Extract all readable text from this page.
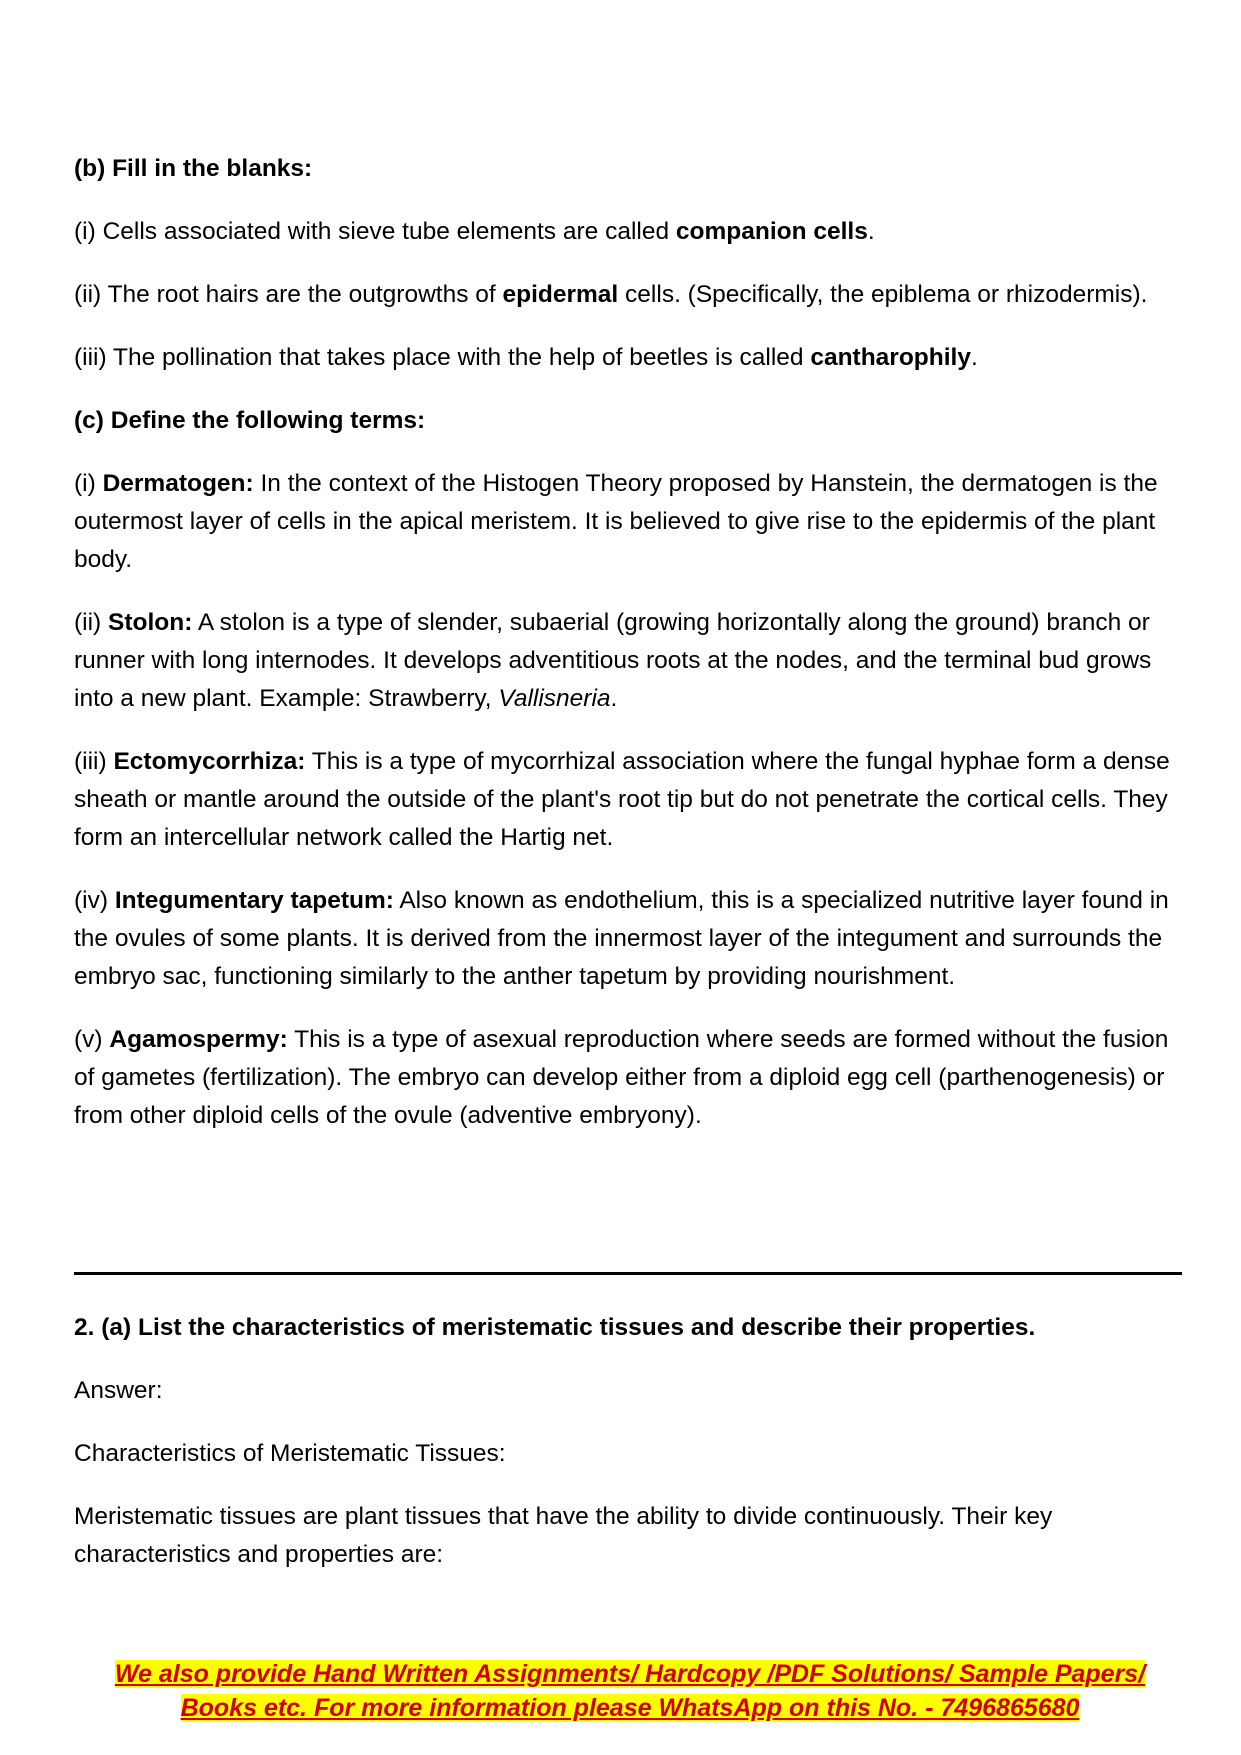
(b) Fill in the blanks:

(i) Cells associated with sieve tube elements are called companion cells.

(ii) The root hairs are the outgrowths of epidermal cells. (Specifically, the epiblema or rhizodermis).

(iii) The pollination that takes place with the help of beetles is called cantharophily.

(c) Define the following terms:

(i) Dermatogen: In the context of the Histogen Theory proposed by Hanstein, the dermatogen is the outermost layer of cells in the apical meristem. It is believed to give rise to the epidermis of the plant body.

(ii) Stolon: A stolon is a type of slender, subaerial (growing horizontally along the ground) branch or runner with long internodes. It develops adventitious roots at the nodes, and the terminal bud grows into a new plant. Example: Strawberry, Vallisneria.

(iii) Ectomycorrhiza: This is a type of mycorrhizal association where the fungal hyphae form a dense sheath or mantle around the outside of the plant's root tip but do not penetrate the cortical cells. They form an intercellular network called the Hartig net.

(iv) Integumentary tapetum: Also known as endothelium, this is a specialized nutritive layer found in the ovules of some plants. It is derived from the innermost layer of the integument and surrounds the embryo sac, functioning similarly to the anther tapetum by providing nourishment.

(v) Agamospermy: This is a type of asexual reproduction where seeds are formed without the fusion of gametes (fertilization). The embryo can develop either from a diploid egg cell (parthenogenesis) or from other diploid cells of the ovule (adventive embryony).

2. (a) List the characteristics of meristematic tissues and describe their properties.

Answer:

Characteristics of Meristematic Tissues:

Meristematic tissues are plant tissues that have the ability to divide continuously. Their key characteristics and properties are:

We also provide Hand Written Assignments/ Hardcopy /PDF Solutions/ Sample Papers/
Books etc. For more information please WhatsApp on this No. - 7496865680
